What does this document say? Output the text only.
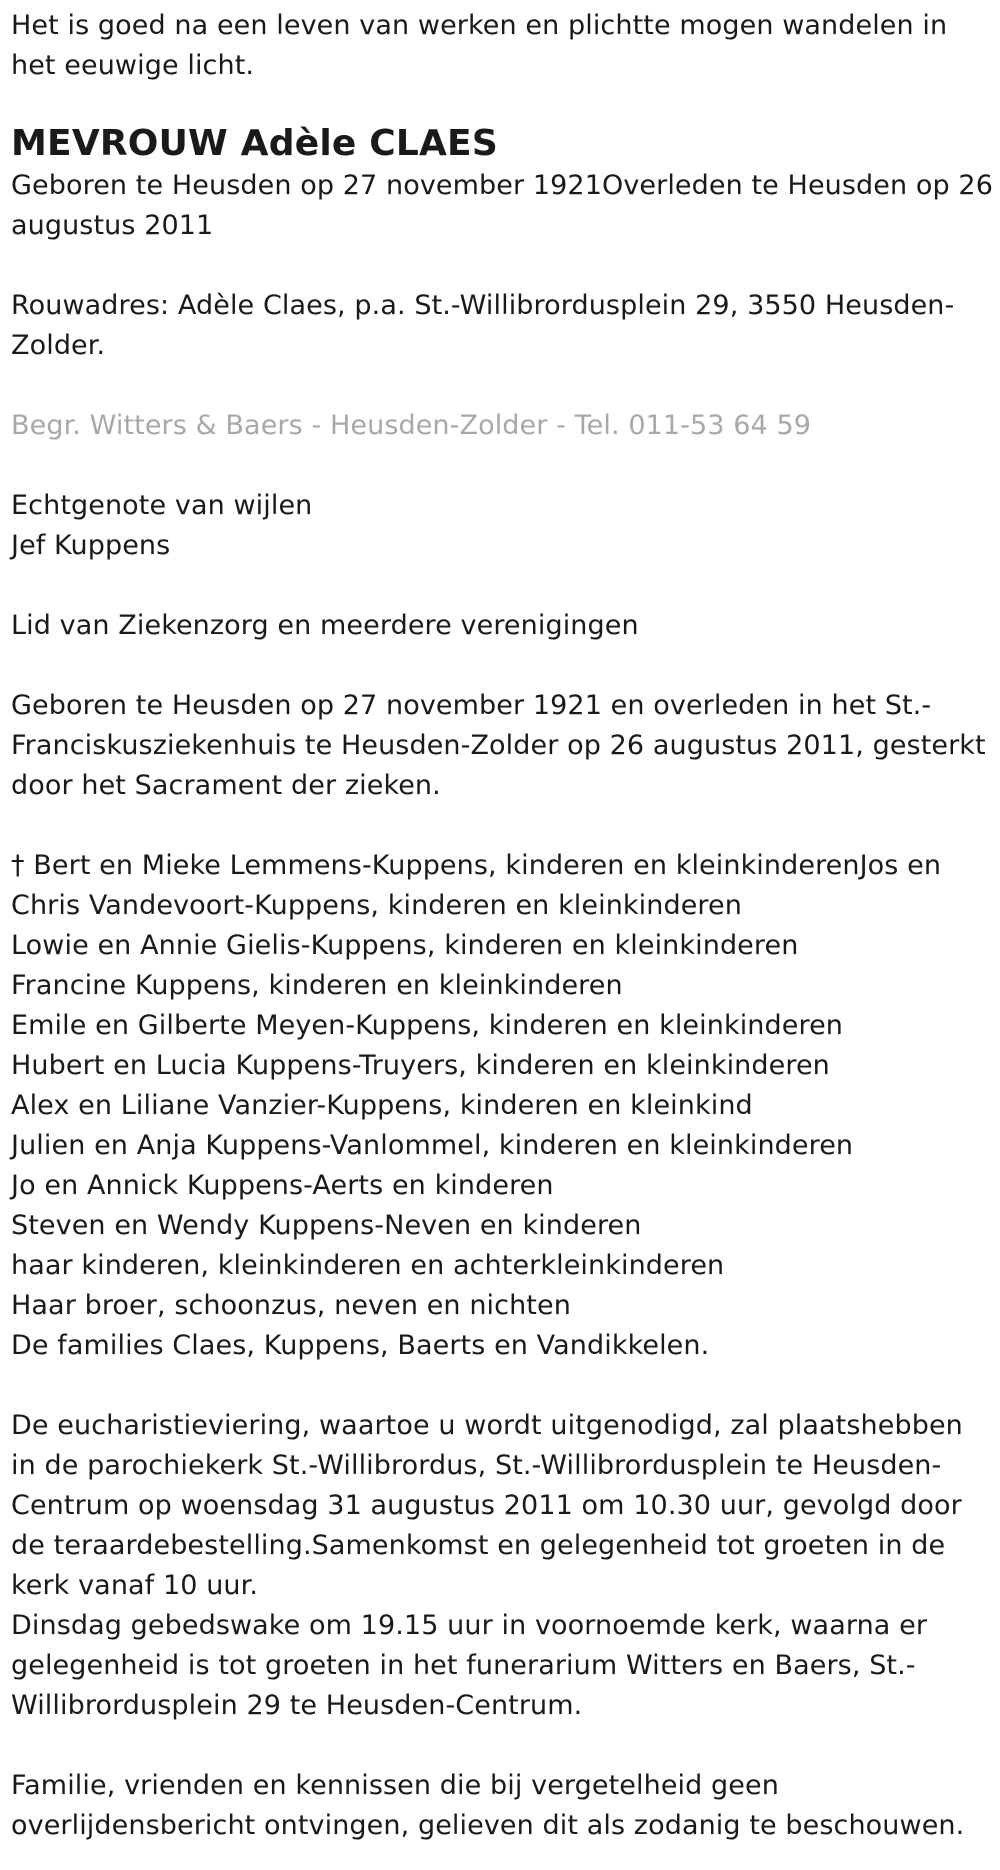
Het is goed na een leven van werken en plichtte mogen wandelen in het eeuwige licht.

MEVROUW Adèle CLAES

Geboren te Heusden op 27 november 1921Overleden te Heusden op 26 augustus 2011

Rouwadres: Adèle Claes, p.a. St.-Willibrordusplein 29, 3550 Heusden-Zolder.

Begr. Witters & Baers - Heusden-Zolder - Tel. 011-53 64 59

Echtgenote van wijlen
Jef Kuppens

Lid van Ziekenzorg en meerdere verenigingen

Geboren te Heusden op 27 november 1921 en overleden in het St.-Franciskusziekenhuis te Heusden-Zolder op 26 augustus 2011, gesterkt door het Sacrament der zieken.

† Bert en Mieke Lemmens-Kuppens, kinderen en kleinkinderenJos en Chris Vandevoort-Kuppens, kinderen en kleinkinderen
Lowie en Annie Gielis-Kuppens, kinderen en kleinkinderen
Francine Kuppens, kinderen en kleinkinderen
Emile en Gilberte Meyen-Kuppens, kinderen en kleinkinderen
Hubert en Lucia Kuppens-Truyers, kinderen en kleinkinderen
Alex en Liliane Vanzier-Kuppens, kinderen en kleinkind
Julien en Anja Kuppens-Vanlommel, kinderen en kleinkinderen
Jo en Annick Kuppens-Aerts en kinderen
Steven en Wendy Kuppens-Neven en kinderen
haar kinderen, kleinkinderen en achterkleinkinderen
Haar broer, schoonzus, neven en nichten
De families Claes, Kuppens, Baerts en Vandikkelen.

De eucharistieviering, waartoe u wordt uitgenodigd, zal plaatshebben in de parochiekerk St.-Willibrordus, St.-Willibrordusplein te Heusden-Centrum op woensdag 31 augustus 2011 om 10.30 uur, gevolgd door de teraardebestelling.Samenkomst en gelegenheid tot groeten in de kerk vanaf 10 uur.

Dinsdag gebedswake om 19.15 uur in voornoemde kerk, waarna er gelegenheid is tot groeten in het funerarium Witters en Baers, St.-Willibrordusplein 29 te Heusden-Centrum.

Familie, vrienden en kennissen die bij vergetelheid geen overlijdensbericht ontvingen, gelieven dit als zodanig te beschouwen.
